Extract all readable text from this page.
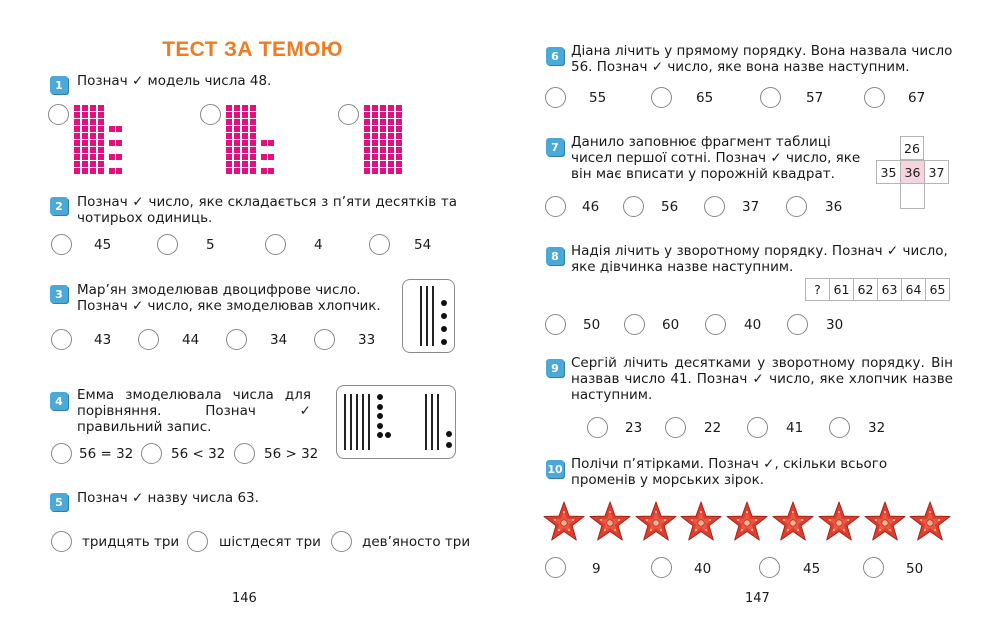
ТЕСТ ЗА ТЕМОЮ
1	Познач ✓ модель числа 48.
2	Познач ✓ число, яке складається з п’яти десятків та чотирьох одиниць.
45	5	4	54
3	Мар’ян змоделював двоцифрове число. Познач ✓ число, яке змоделював хлопчик.
43	44	34	33
4	Емма змоделювала числа для порівняння. Познач ✓ правильний запис.
56 = 32	56 < 32	56 > 32
5	Познач ✓ назву числа 63.
тридцять три	шістдесят три	дев’яносто три
146
6 Діана лічить у прямому порядку. Вона назвала число 56. Познач ✓ число, яке вона назве наступним.
55	65	57	67
7 Данило заповнює фрагмент таблиці чисел першої сотні. Познач ✓ число, яке він має вписати у порожній квадрат.
26
35 36 37
46	56	37	36
8 Надія лічить у зворотному порядку. Познач ✓ число, яке дівчинка назве наступним.
?	61 62 63 64 65
50	60	40	30
9 Сергій лічить десятками у зворотному порядку. Він назвав число 41. Познач ✓ число, яке хлопчик назве наступним.
23	22	41	32
10 Полічи п’ятірками. Познач ✓, скільки всього променів у морських зірок.
9	40	45	50
147
